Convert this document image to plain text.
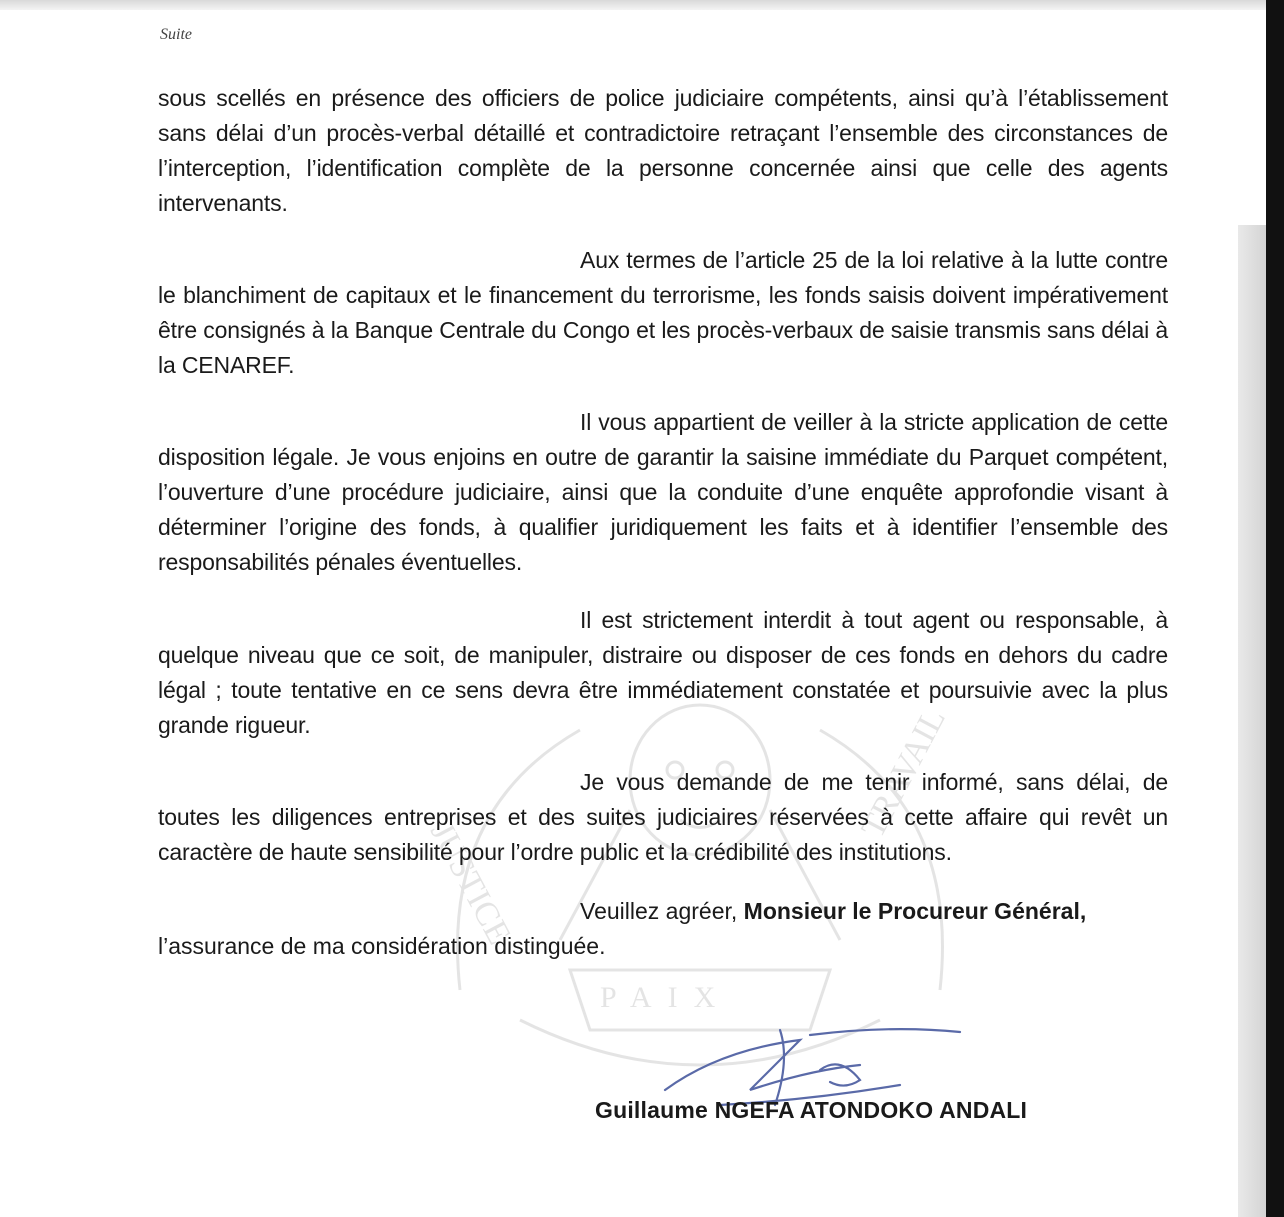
JUSTICE
TRAVAIL
PAIX
Suite

sous scellés en présence des officiers de police judiciaire compétents, ainsi qu’à l’établissement sans délai d’un procès-verbal détaillé et contradictoire retraçant l’ensemble des circonstances de l’interception, l’identification complète de la personne concernée ainsi que celle des agents intervenants.

Aux termes de l’article 25 de la loi relative à la lutte contre le blanchiment de capitaux et le financement du terrorisme, les fonds saisis doivent impérativement être consignés à la Banque Centrale du Congo et les procès-verbaux de saisie transmis sans délai à la CENAREF.

Il vous appartient de veiller à la stricte application de cette disposition légale. Je vous enjoins en outre de garantir la saisine immédiate du Parquet compétent, l’ouverture d’une procédure judiciaire, ainsi que la conduite d’une enquête approfondie visant à déterminer l’origine des fonds, à qualifier juridiquement les faits et à identifier l’ensemble des responsabilités pénales éventuelles.

Il est strictement interdit à tout agent ou responsable, à quelque niveau que ce soit, de manipuler, distraire ou disposer de ces fonds en dehors du cadre légal ; toute tentative en ce sens devra être immédiatement constatée et poursuivie avec la plus grande rigueur.

Je vous demande de me tenir informé, sans délai, de toutes les diligences entreprises et des suites judiciaires réservées à cette affaire qui revêt un caractère de haute sensibilité pour l’ordre public et la crédibilité des institutions.

Veuillez agréer, Monsieur le Procureur Général,
l’assurance de ma considération distinguée.
Guillaume NGEFA ATONDOKO ANDALI
